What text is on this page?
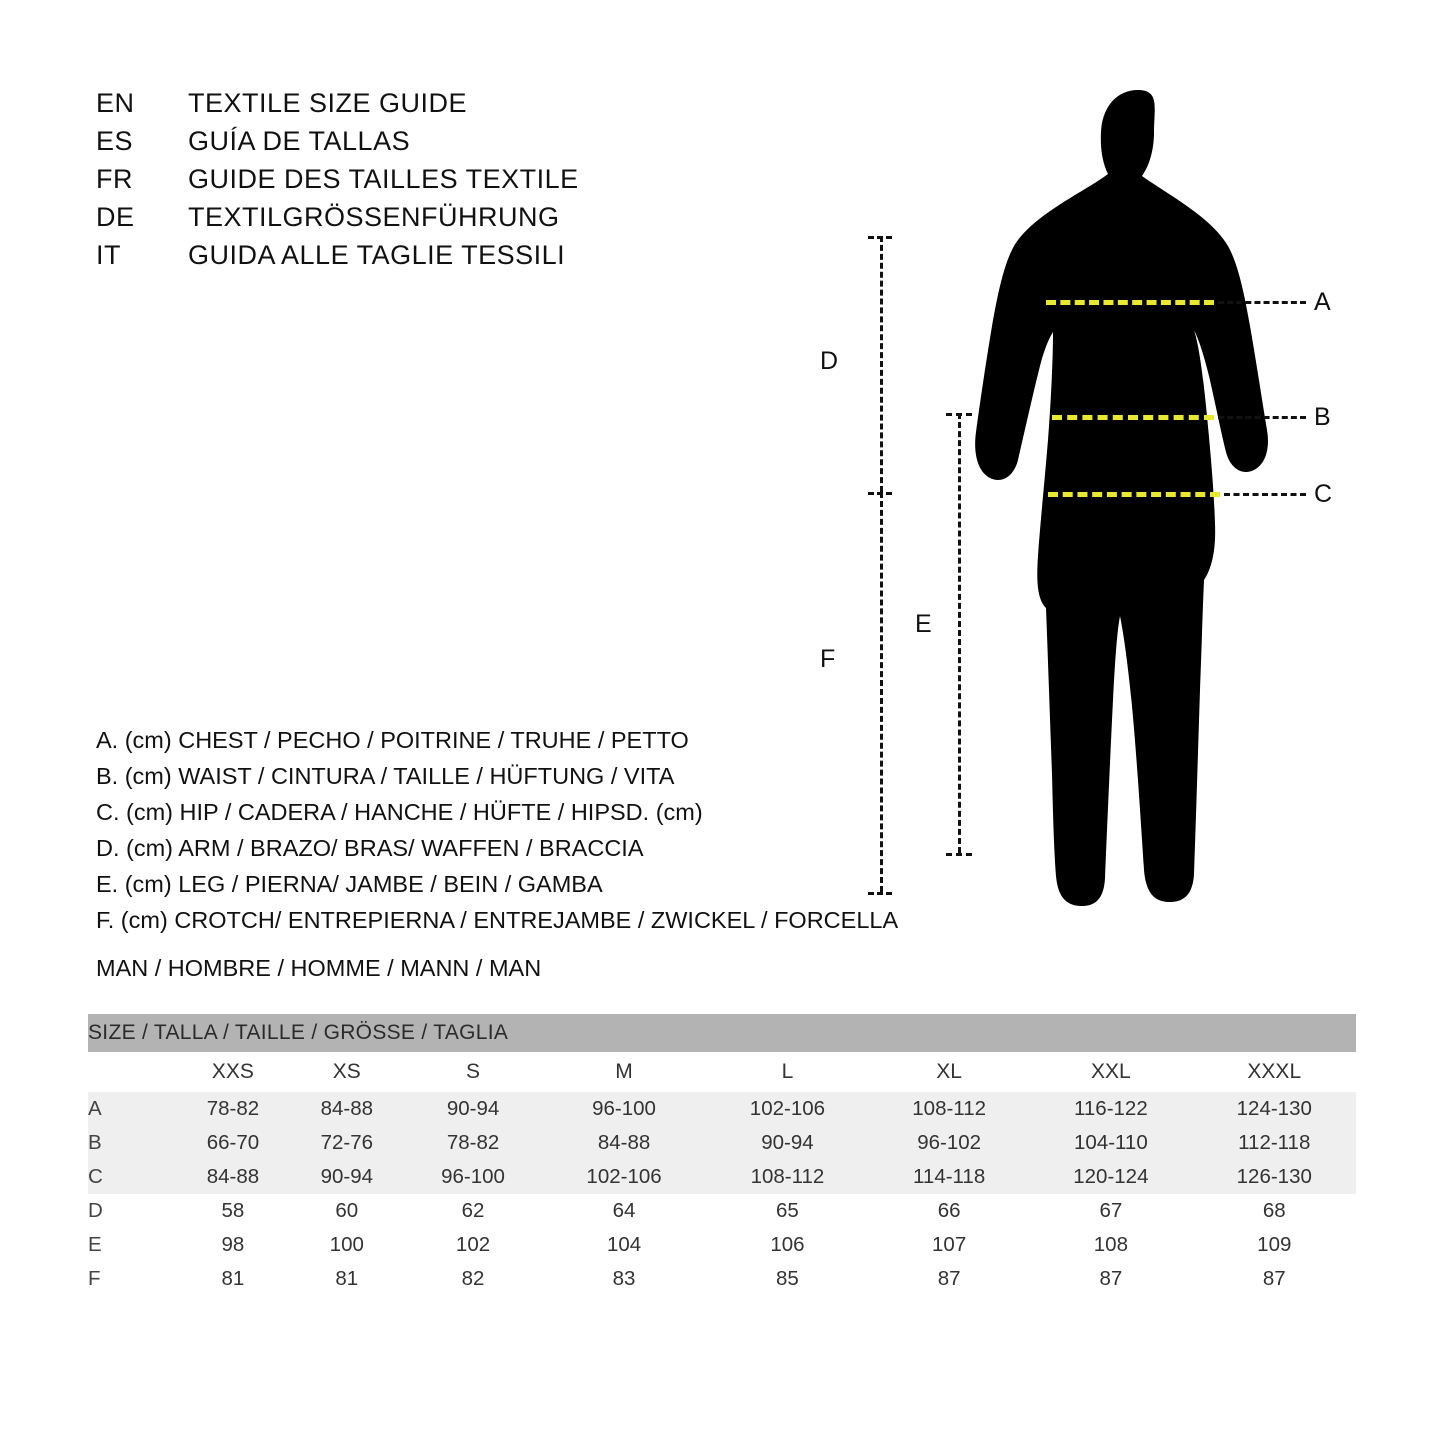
EN	TEXTILE SIZE GUIDE
ES	GUÍA DE TALLAS
FR	GUIDE DES TAILLES TEXTILE
DE	TEXTILGRÖSSENFÜHRUNG
IT	GUIDA ALLE TAGLIE TESSILI
A. (cm) CHEST / PECHO / POITRINE / TRUHE / PETTO
B. (cm) WAIST / CINTURA / TAILLE / HÜFTUNG / VITA
C. (cm) HIP / CADERA / HANCHE / HÜFTE / HIPSD. (cm)
D. (cm) ARM / BRAZO/ BRAS/ WAFFEN / BRACCIA
E. (cm) LEG / PIERNA/ JAMBE / BEIN / GAMBA
F. (cm) CROTCH/ ENTREPIERNA / ENTREJAMBE / ZWICKEL / FORCELLA
MAN / HOMBRE / HOMME / MANN / MAN
A
B
C
D
F
E
SIZE / TALLA / TAILLE / GRÖSSE / TAGLIA								
	XXS	XS	S	M	L	XL	XXL	XXXL
A	78-82	84-88	90-94	96-100	102-106	108-112	116-122	124-130
B	66-70	72-76	78-82	84-88	90-94	96-102	104-110	112-118
C	84-88	90-94	96-100	102-106	108-112	114-118	120-124	126-130
D	58	60	62	64	65	66	67	68
E	98	100	102	104	106	107	108	109
F	81	81	82	83	85	87	87	87
